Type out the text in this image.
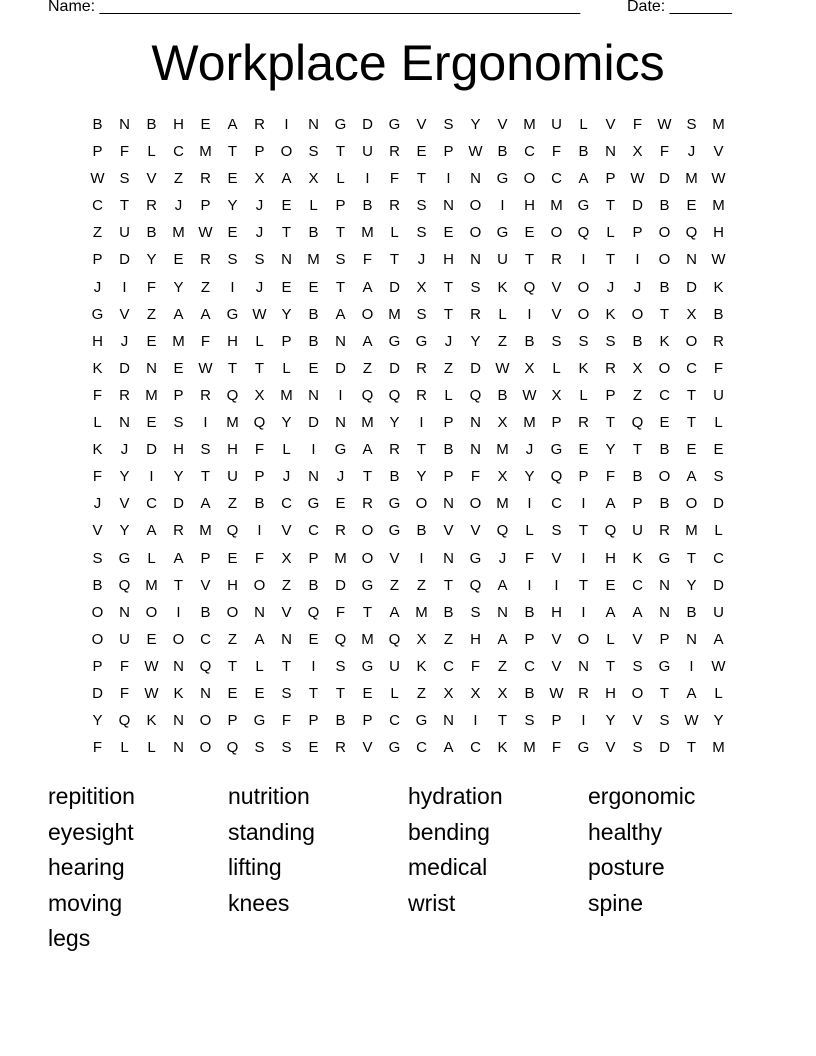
Name: ______________________________________________________	Date: _______
Workplace Ergonomics
B	N	B	H	E	A	R	I	N	G	D	G	V	S	Y	V	M	U	L	V	F	W S	M
P	F	L	C	M	T	P	O	S	T	U	R	E	P W B	C	F	B	N	X	F	J	V
W S	V	Z	R	E	X	A	X	L	I	F	T	I	N	G	O	C	A	P W D	M W
C	T	R	J	P	Y	J	E	L	P	B	R	S	N	O	I	H	M G	T	D	B	E	M
Z	U	B	M W E	J	T	B	T	M	L	S	E	O	G	E	O	Q	L	P	O	Q	H
P	D	Y	E	R	S	S	N	M	S	F	T	J	H	N	U	T	R	I	T	I	O	N W
J	I	F	Y	Z	I	J	E	E	T	A	D	X	T	S	K	Q	V	O	J	J	B	D	K
G	V	Z	A	A	G W Y	B	A	O M	S	T	R	L	I	V	O	K	O	T	X	B
H	J	E	M	F	H	L	P	B	N	A	G	G	J	Y	Z	B	S	S	S	B	K	O	R
K	D	N	E W	T	T	L	E	D	Z	D	R	Z	D W X	L	K	R	X	O	C	F
F	R	M	P	R	Q	X	M	N	I	Q	Q	R	L	Q	B W X	L	P	Z	C	T	U
L	N	E	S	I	M Q	Y	D	N	M	Y	I	P	N	X	M	P	R	T	Q	E	T	L
K	J	D	H	S	H	F	L	I	G	A	R	T	B	N	M	J	G	E	Y	T	B	E	E
F	Y	I	Y	T	U	P	J	N	J	T	B	Y	P	F	X	Y	Q	P	F	B	O	A	S
J	V	C	D	A	Z	B	C	G	E	R	G	O	N	O M	I	C	I	A	P	B	O	D
V	Y	A	R	M Q	I	V	C	R	O	G	B	V	V	Q	L	S	T	Q	U	R	M	L
S	G	L	A	P	E	F	X	P	M O	V	I	N	G	J	F	V	I	H	K	G	T	C
B	Q M	T	V	H	O	Z	B	D	G	Z	Z	T	Q	A	I	I	T	E	C	N	Y	D
O	N	O	I	B	O	N	V	Q	F	T	A	M	B	S	N	B	H	I	A	A	N	B	U
O	U	E	O	C	Z	A	N	E	Q M Q	X	Z	H	A	P	V	O	L	V	P	N	A
P	F	W N	Q	T	L	T	I	S	G	U	K	C	F	Z	C	V	N	T	S	G	I	W
D	F	W K	N	E	E	S	T	T	E	L	Z	X	X	X	B W R	H	O	T	A	L
Y	Q	K	N	O	P	G	F	P	B	P	C	G	N	I	T	S	P	I	Y	V	S W Y
F	L	L	N	O	Q	S	S	E	R	V	G	C	A	C	K	M	F	G	V	S	D	T	M
repitition	nutrition	hydration	ergonomic
eyesight	standing	bending	healthy
hearing	lifting	medical	posture
moving	knees	wrist	spine
legs
